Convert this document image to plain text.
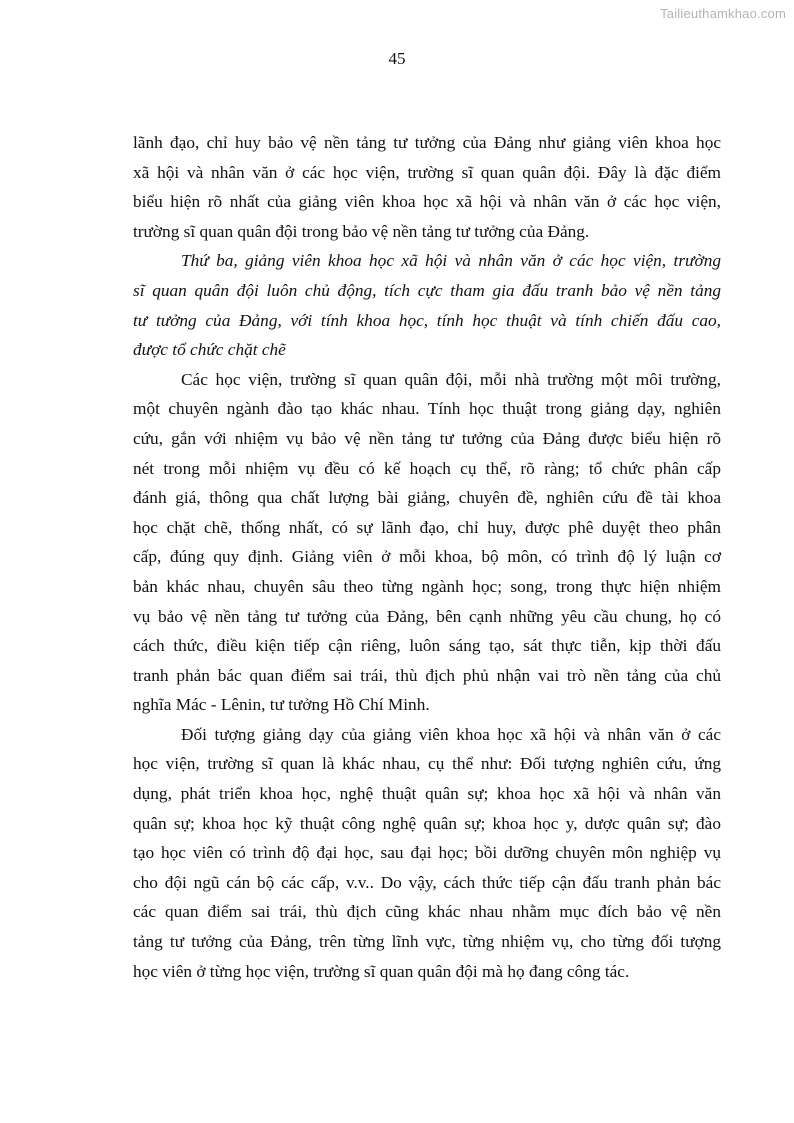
Tailieuthamkhao.com
45

lãnh đạo, chỉ huy bảo vệ nền tảng tư tưởng của Đảng như giảng viên khoa học
xã hội và nhân văn ở các học viện, trường sĩ quan quân đội. Đây là đặc điểm
biểu hiện rõ nhất của giảng viên khoa học xã hội và nhân văn ở các học viện,
trường sĩ quan quân đội trong bảo vệ nền tảng tư tưởng của Đảng.

Thứ ba, giảng viên khoa học xã hội và nhân văn ở các học viện, trường
sĩ quan quân đội luôn chủ động, tích cực tham gia đấu tranh bảo vệ nền tảng
tư tưởng của Đảng, với tính khoa học, tính học thuật và tính chiến đấu cao,
được tổ chức chặt chẽ

Các học viện, trường sĩ quan quân đội, mỗi nhà trường một môi trường,
một chuyên ngành đào tạo khác nhau. Tính học thuật trong giảng dạy, nghiên
cứu, gắn với nhiệm vụ bảo vệ nền tảng tư tưởng của Đảng được biểu hiện rõ
nét trong mỗi nhiệm vụ đều có kế hoạch cụ thể, rõ ràng; tổ chức phân cấp
đánh giá, thông qua chất lượng bài giảng, chuyên đề, nghiên cứu đề tài khoa
học chặt chẽ, thống nhất, có sự lãnh đạo, chỉ huy, được phê duyệt theo phân
cấp, đúng quy định. Giảng viên ở mỗi khoa, bộ môn, có trình độ lý luận cơ
bản khác nhau, chuyên sâu theo từng ngành học; song, trong thực hiện nhiệm
vụ bảo vệ nền tảng tư tưởng của Đảng, bên cạnh những yêu cầu chung, họ có
cách thức, điều kiện tiếp cận riêng, luôn sáng tạo, sát thực tiễn, kịp thời đấu
tranh phản bác quan điểm sai trái, thù địch phủ nhận vai trò nền tảng của chủ
nghĩa Mác - Lênin, tư tưởng Hồ Chí Minh.

Đối tượng giảng dạy của giảng viên khoa học xã hội và nhân văn ở các
học viện, trường sĩ quan là khác nhau, cụ thể như: Đối tượng nghiên cứu, ứng
dụng, phát triển khoa học, nghệ thuật quân sự; khoa học xã hội và nhân văn
quân sự; khoa học kỹ thuật công nghệ quân sự; khoa học y, dược quân sự; đào
tạo học viên có trình độ đại học, sau đại học; bồi dưỡng chuyên môn nghiệp vụ
cho đội ngũ cán bộ các cấp, v.v.. Do vậy, cách thức tiếp cận đấu tranh phản bác
các quan điểm sai trái, thù địch cũng khác nhau nhằm mục đích bảo vệ nền
tảng tư tưởng của Đảng, trên từng lĩnh vực, từng nhiệm vụ, cho từng đối tượng
học viên ở từng học viện, trường sĩ quan quân đội mà họ đang công tác.
